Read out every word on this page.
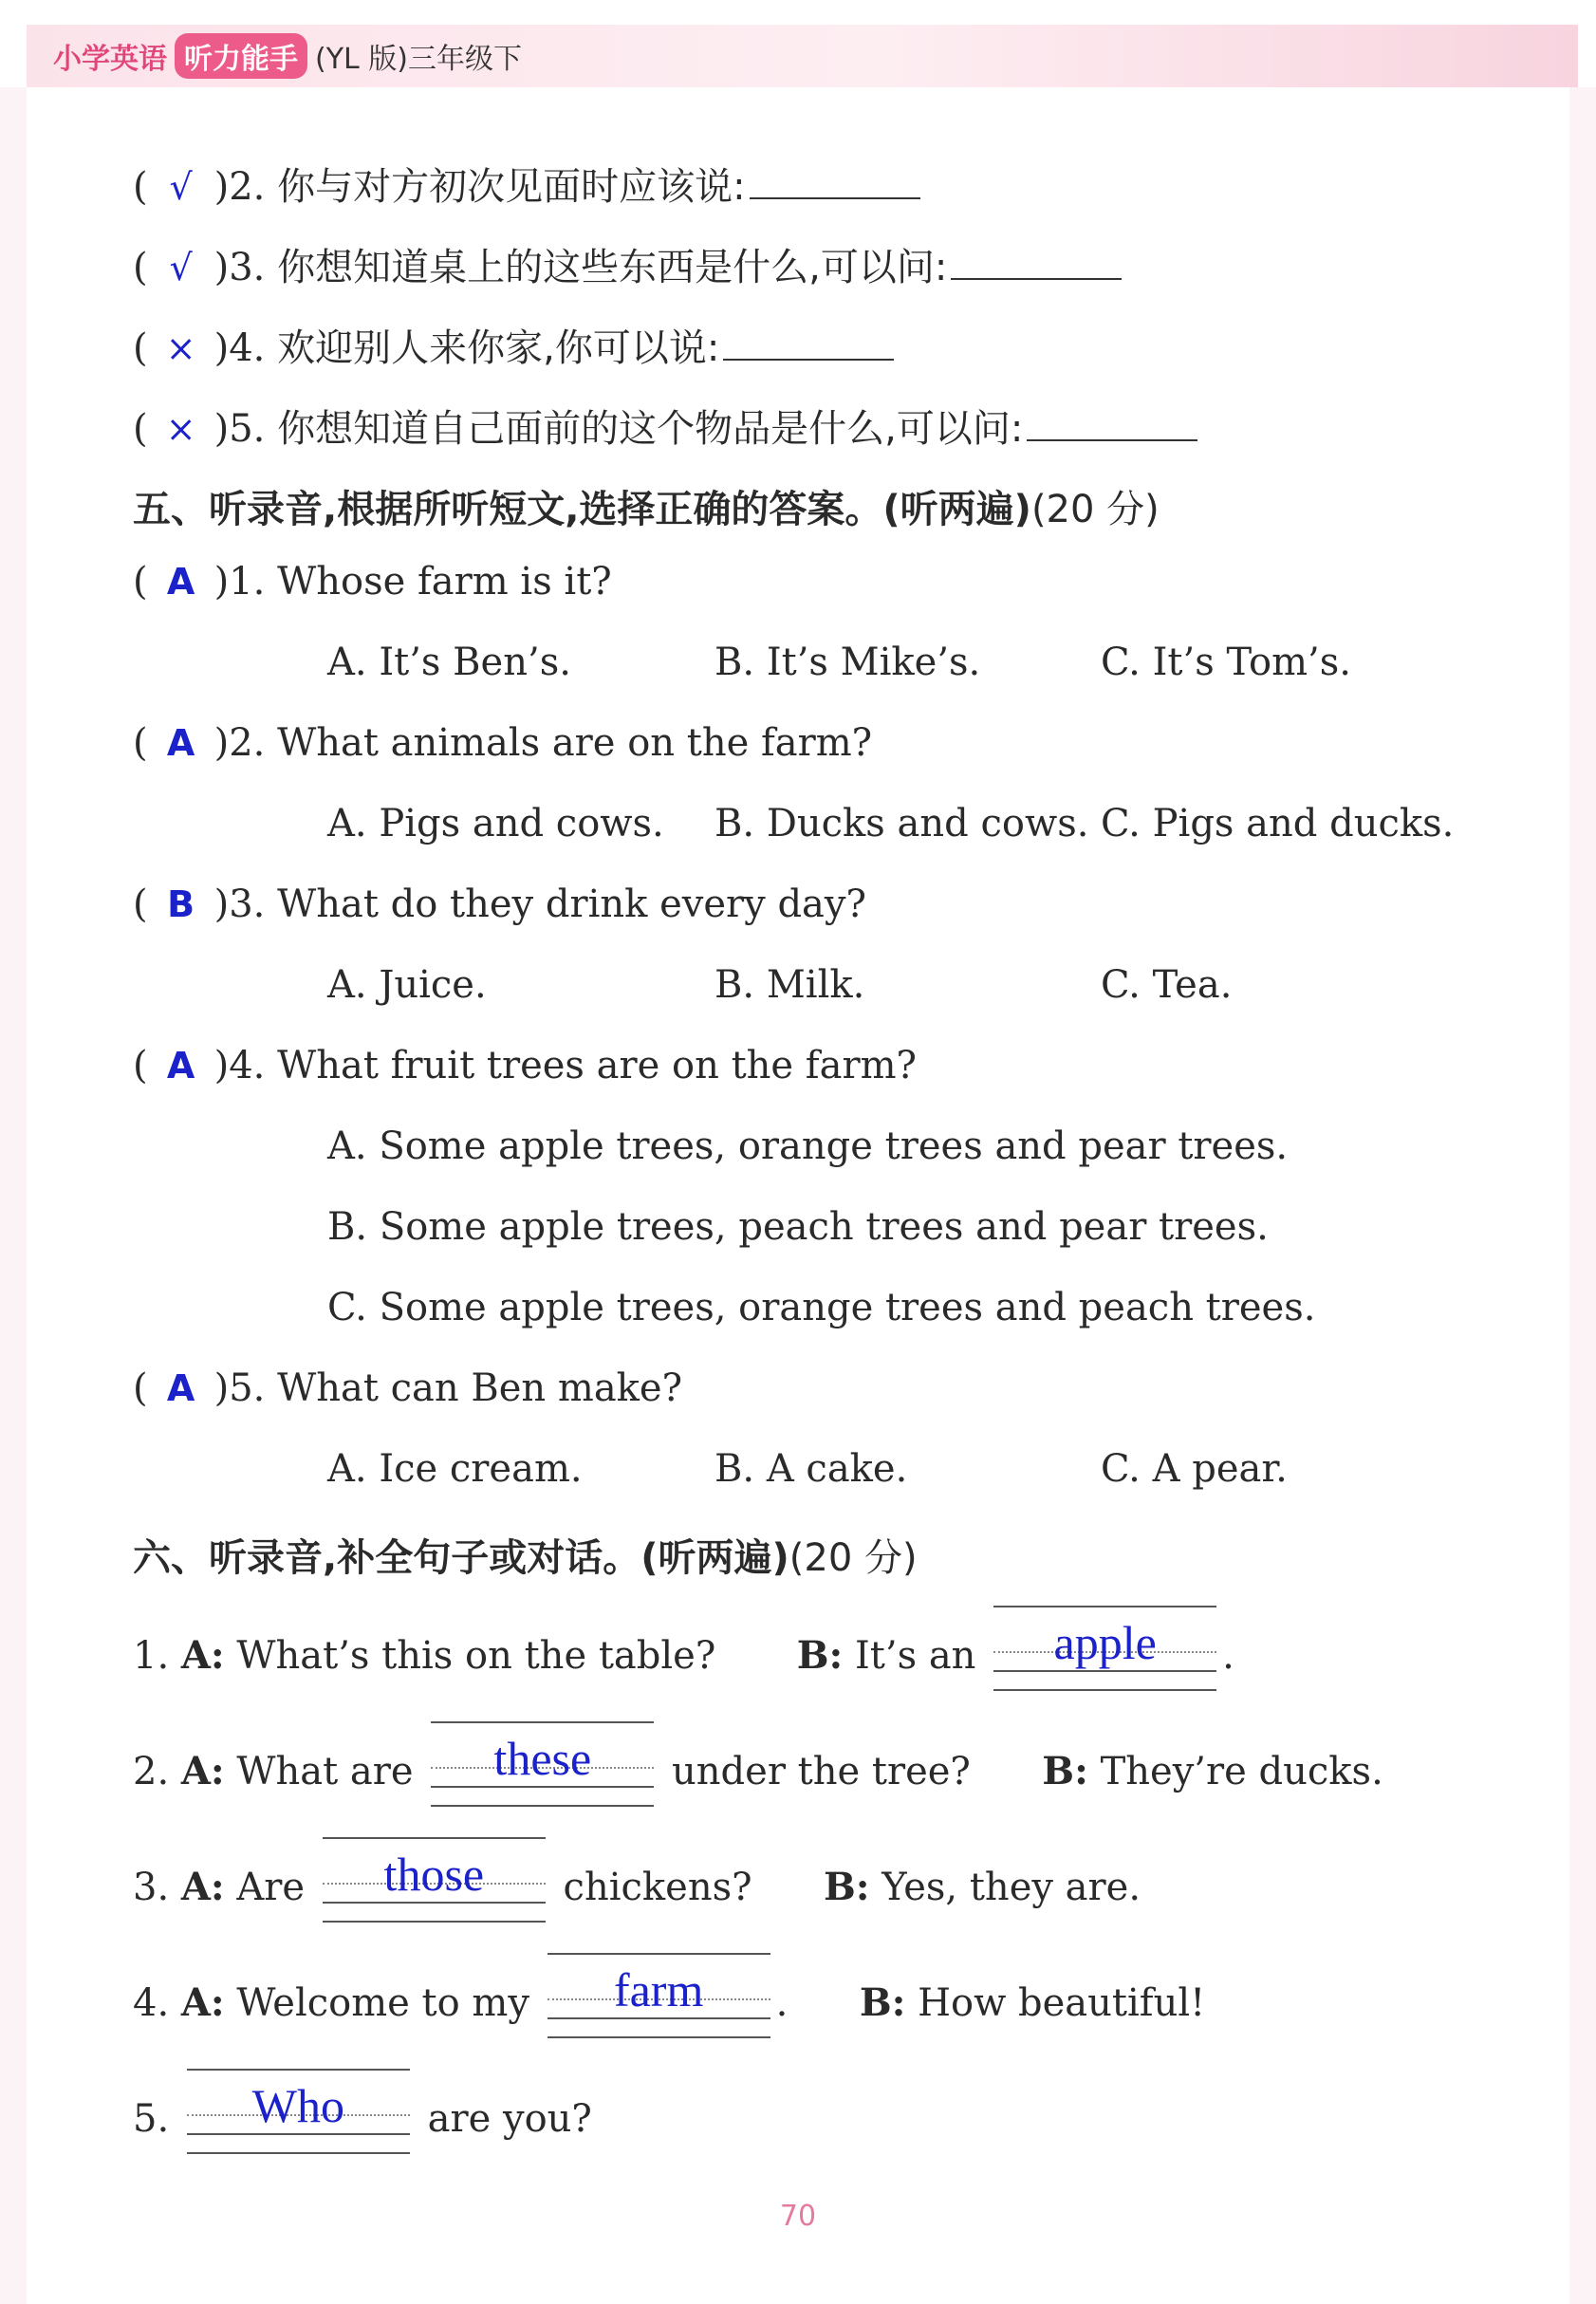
小学英语 听力能手 (YL 版)三年级下
( √ )2. 你与对方初次见面时应该说:
( √ )3. 你想知道桌上的这些东西是什么,可以问:
( × )4. 欢迎别人来你家,你可以说:
( × )5. 你想知道自己面前的这个物品是什么,可以问:
五、听录音,根据所听短文,选择正确的答案。(听两遍)(20 分)
( A )1. Whose farm is it?
A. It’s Ben’s.	B. It’s Mike’s.	C. It’s Tom’s.
( A )2. What animals are on the farm?
A. Pigs and cows. B. Ducks and cows. C. Pigs and ducks.
( B )3. What do they drink every day?
A. Juice.	B. Milk.	C. Tea.
( A )4. What fruit trees are on the farm?
A. Some apple trees, orange trees and pear trees.
B. Some apple trees, peach trees and pear trees.
C. Some apple trees, orange trees and peach trees.
( A )5. What can Ben make?
A. Ice cream.	B. A cake.	C. A pear.
六、听录音,补全句子或对话。(听两遍)(20 分)
1. A: What’s this on the table? B: It’s an	apple	.
2. A: What are	these	under the tree? B: They’re ducks.
3. A: Are	those	chickens? B: Yes, they are.
4. A: Welcome to my	farm	. B: How beautiful!
5.	Who	are you?
70
